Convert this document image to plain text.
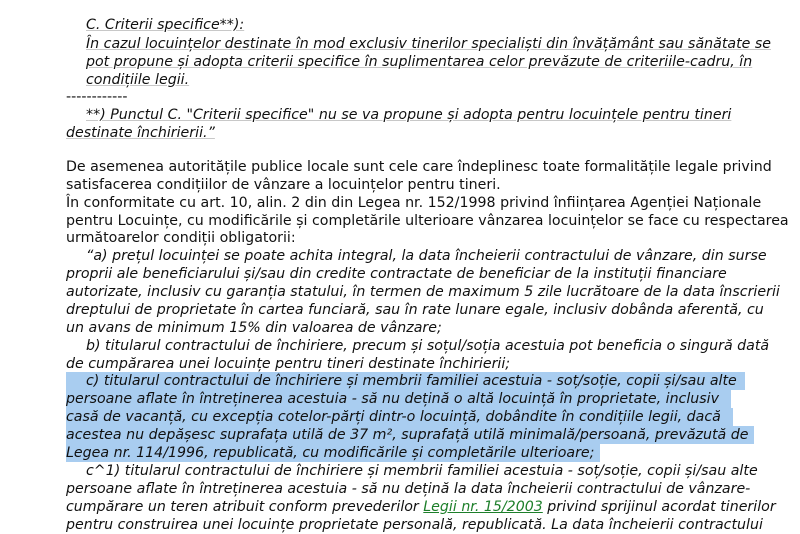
C. Criterii specifice**):
În cazul locuințelor destinate în mod exclusiv tinerilor specialiști din învățământ sau sănătate se
pot propune și adopta criterii specifice în suplimentarea celor prevăzute de criteriile-cadru, în
condițiile legii.
------------
**) Punctul C. "Criterii specifice" nu se va propune și adopta pentru locuințele pentru tineri
destinate închirierii.”
De asemenea autoritățile publice locale sunt cele care îndeplinesc toate formalitățile legale privind
satisfacerea condițiilor de vânzare a locuințelor pentru tineri.
În conformitate cu art. 10, alin. 2 din din Legea nr. 152/1998 privind înființarea Agenției Naționale
pentru Locuințe, cu modificările și completările ulterioare vânzarea locuințelor se face cu respectarea
următoarelor condiții obligatorii:
“a) prețul locuinței se poate achita integral, la data încheierii contractului de vânzare, din surse
proprii ale beneficiarului și/sau din credite contractate de beneficiar de la instituții financiare
autorizate, inclusiv cu garanția statului, în termen de maximum 5 zile lucrătoare de la data înscrierii
dreptului de proprietate în cartea funciară, sau în rate lunare egale, inclusiv dobânda aferentă, cu
un avans de minimum 15% din valoarea de vânzare;
b) titularul contractului de închiriere, precum și soțul/soția acestuia pot beneficia o singură dată
de cumpărarea unei locuințe pentru tineri destinate închirierii;
c) titularul contractului de închiriere și membrii familiei acestuia - soț/soție, copii și/sau alte
persoane aflate în întreținerea acestuia - să nu dețină o altă locuință în proprietate, inclusiv
casă de vacanță, cu excepția cotelor-părți dintr-o locuință, dobândite în condițiile legii, dacă
acestea nu depășesc suprafața utilă de 37 m², suprafață utilă minimală/persoană, prevăzută de
Legea nr. 114/1996, republicată, cu modificările și completările ulterioare;
c^1) titularul contractului de închiriere și membrii familiei acestuia - soț/soție, copii și/sau alte
persoane aflate în întreținerea acestuia - să nu dețină la data încheierii contractului de vânzare-
cumpărare un teren atribuit conform prevederilor Legii nr. 15/2003 privind sprijinul acordat tinerilor
pentru construirea unei locuințe proprietate personală, republicată. La data încheierii contractului
